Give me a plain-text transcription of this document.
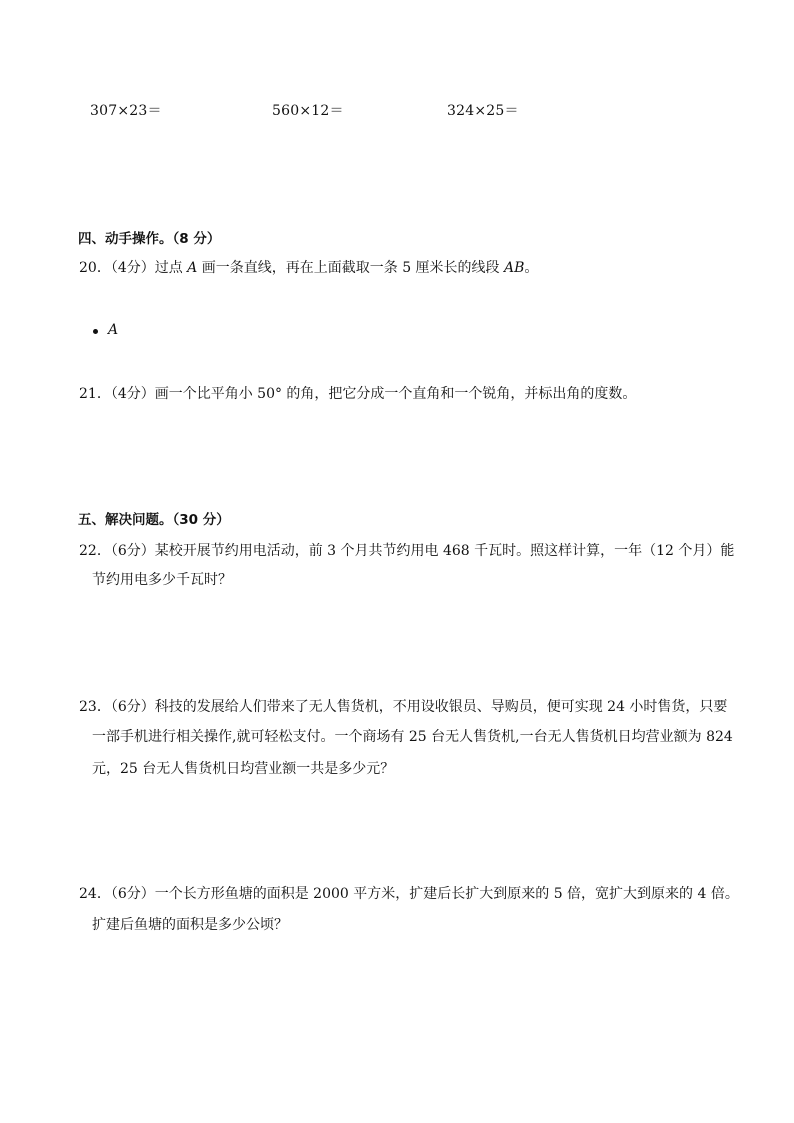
307×23＝	560×12＝	324×25＝
四、动手操作。（8 分）
20．（4分）过点 A 画一条直线，再在上面截取一条 5 厘米长的线段 AB。
A
21．（4分）画一个比平角小 50° 的角，把它分成一个直角和一个锐角，并标出角的度数。
五、解决问题。（30 分）
22．（6分）某校开展节约用电活动，前 3 个月共节约用电 468 千瓦时。照这样计算，一年（12 个月）能
节约用电多少千瓦时？
23．（6分）科技的发展给人们带来了无人售货机，不用设收银员、导购员，便可实现 24 小时售货，只要
一部手机进行相关操作,就可轻松支付。一个商场有 25 台无人售货机,一台无人售货机日均营业额为 824
元，25 台无人售货机日均营业额一共是多少元？
24．（6分）一个长方形鱼塘的面积是 2000 平方米，扩建后长扩大到原来的 5 倍，宽扩大到原来的 4 倍。
扩建后鱼塘的面积是多少公顷？
